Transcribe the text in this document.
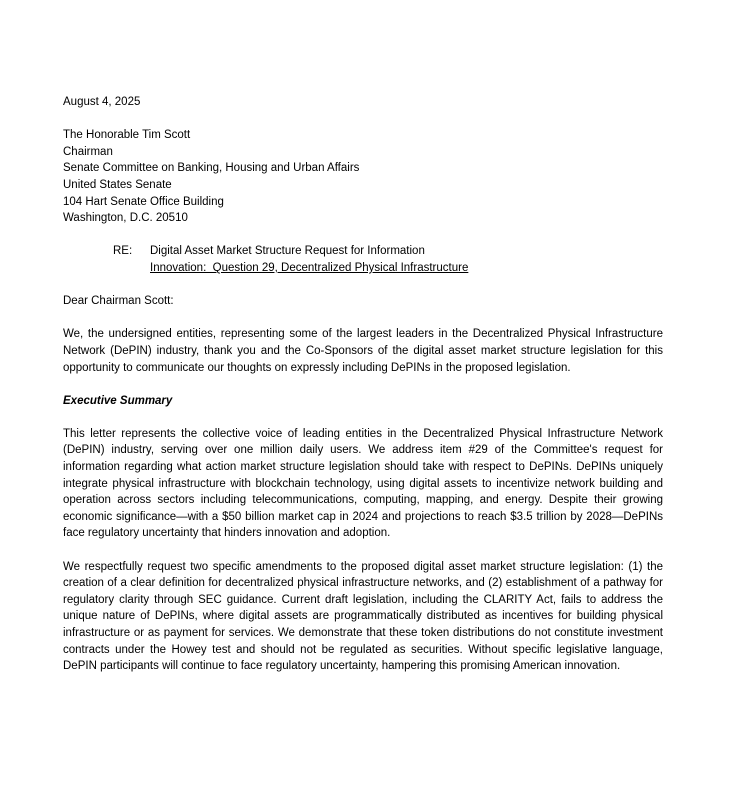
August 4, 2025
The Honorable Tim Scott
Chairman
Senate Committee on Banking, Housing and Urban Affairs
United States Senate
104 Hart Senate Office Building
Washington, D.C. 20510
RE:	Digital Asset Market Structure Request for Information
Innovation:  Question 29, Decentralized Physical Infrastructure
Dear Chairman Scott:

We, the undersigned entities, representing some of the largest leaders in the Decentralized Physical Infrastructure Network (DePIN) industry, thank you and the Co-Sponsors of the digital asset market structure legislation for this opportunity to communicate our thoughts on expressly including DePINs in the proposed legislation.

Executive Summary

This letter represents the collective voice of leading entities in the Decentralized Physical Infrastructure Network (DePIN) industry, serving over one million daily users. We address item #29 of the Committee's request for information regarding what action market structure legislation should take with respect to DePINs. DePINs uniquely integrate physical infrastructure with blockchain technology, using digital assets to incentivize network building and operation across sectors including telecommunications, computing, mapping, and energy. Despite their growing economic significance—with a $50 billion market cap in 2024 and projections to reach $3.5 trillion by 2028—DePINs face regulatory uncertainty that hinders innovation and adoption.

We respectfully request two specific amendments to the proposed digital asset market structure legislation: (1) the creation of a clear definition for decentralized physical infrastructure networks, and (2) establishment of a pathway for regulatory clarity through SEC guidance. Current draft legislation, including the CLARITY Act, fails to address the unique nature of DePINs, where digital assets are programmatically distributed as incentives for building physical infrastructure or as payment for services. We demonstrate that these token distributions do not constitute investment contracts under the Howey test and should not be regulated as securities. Without specific legislative language, DePIN participants will continue to face regulatory uncertainty, hampering this promising American innovation.
